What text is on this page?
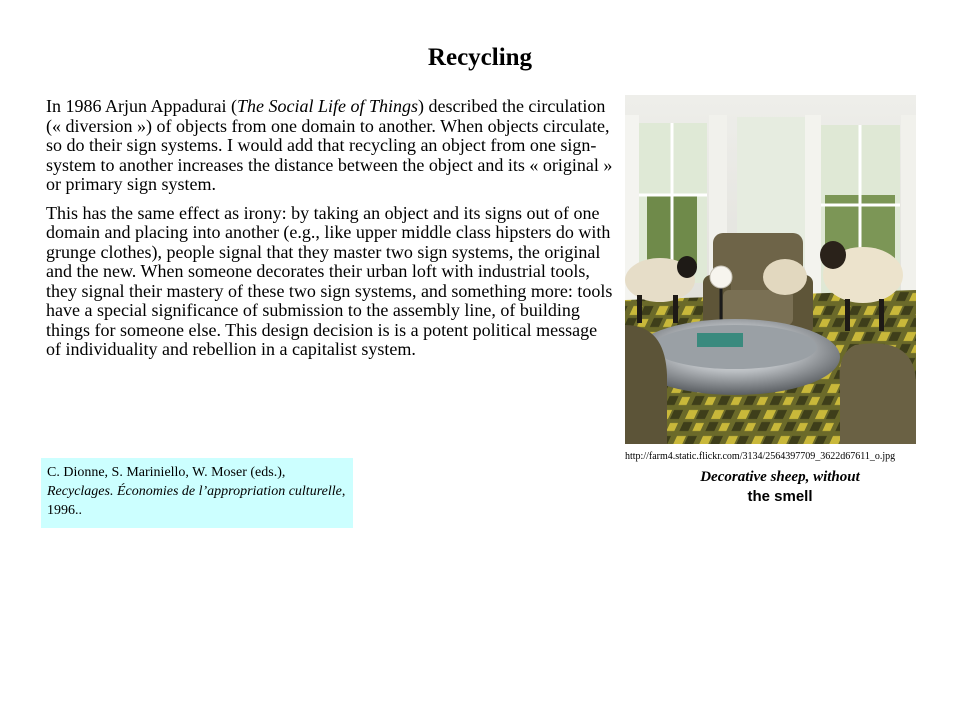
Recycling

In 1986 Arjun Appadurai (The Social Life of Things) described the circulation (« diversion ») of objects from one domain to another. When objects circulate, so do their sign systems. I would add that recycling an object from one sign-system to another increases the distance between the object and its « original » or primary sign system.

This has the same effect as irony: by taking an object and its signs out of one domain and placing into another (e.g., like upper middle class hipsters do with grunge clothes), people signal that they master two sign systems, the original and the new. When someone decorates their urban loft with industrial tools, they signal their mastery of these two sign systems, and something more: tools have a special significance of submission to the assembly line, of building things for someone else. This design decision is is a potent political message of individuality and rebellion in a capitalist system.

C. Dionne, S. Mariniello, W. Moser (eds.), Recyclages. Économies de l’appropriation culturelle, 1996..
http://farm4.static.flickr.com/3134/2564397709_3622d67611_o.jpg
Decorative sheep, without
the smell
